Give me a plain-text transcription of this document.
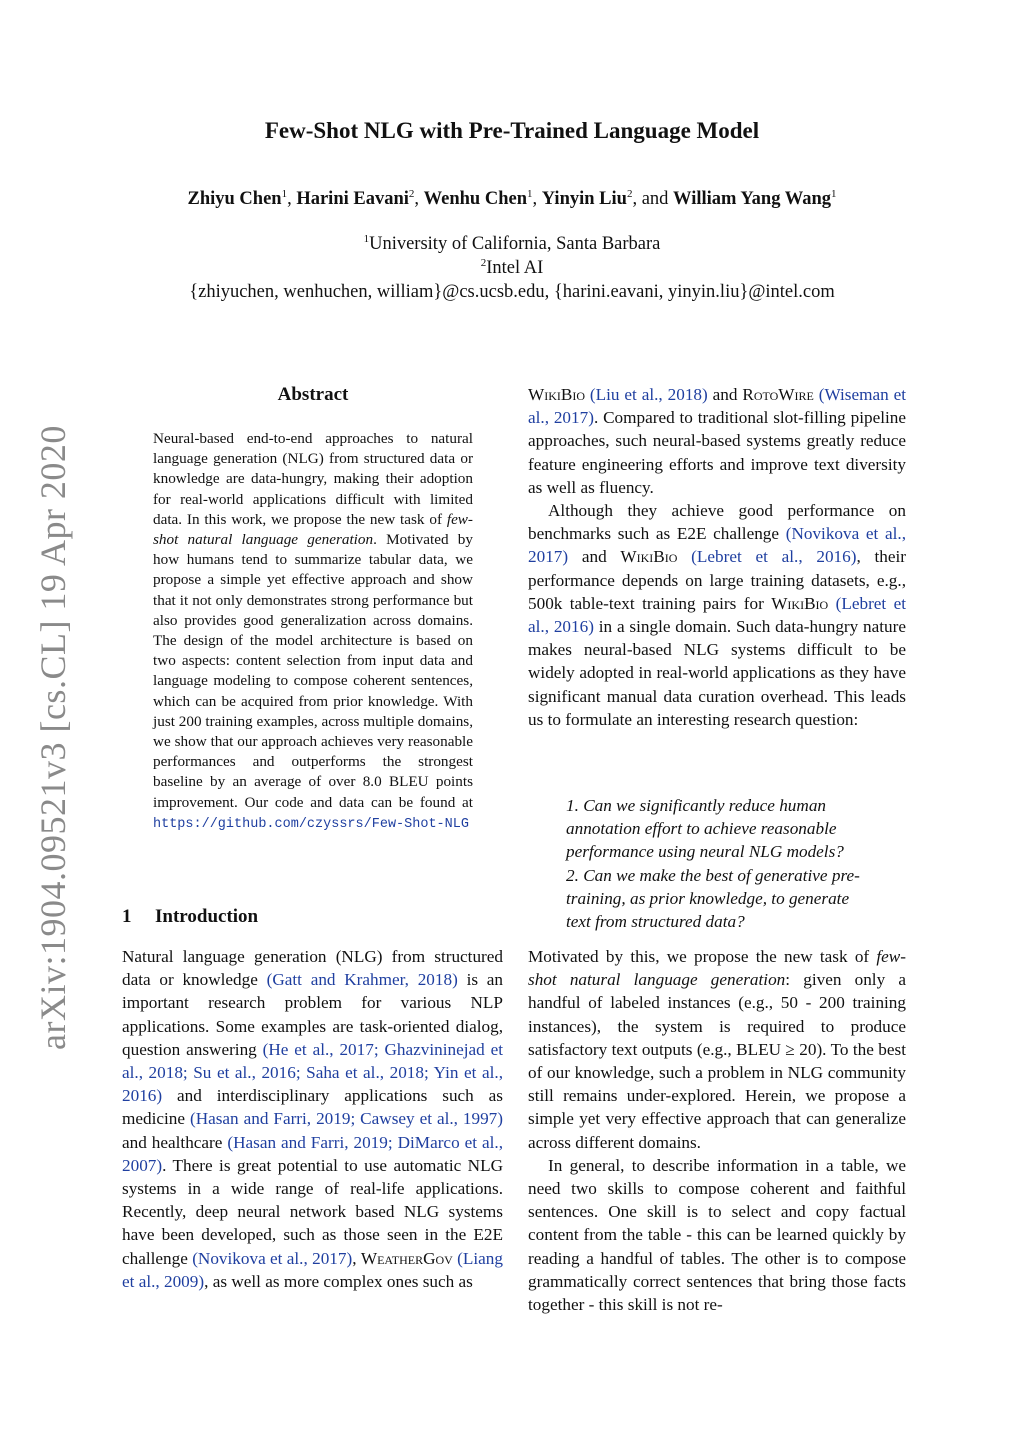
Few-Shot NLG with Pre-Trained Language Model
Zhiyu Chen$^1$, Harini Eavani$^2$, Wenhu Chen$^1$, Yinyin Liu$^2$, and William Yang Wang$^1$
$^1$University of California, Santa Barbara
$^2$Intel AI
{zhiyuchen, wenhuchen, william}@cs.ucsb.edu, {harini.eavani, yinyin.liu}@intel.com
arXiv:1904.09521v3 [cs.CL] 19 Apr 2020
Abstract
Neural-based end-to-end approaches to natural language generation (NLG) from structured data or knowledge are data-hungry, making their adoption for real-world applications difficult with limited data. In this work, we propose the new task of few-shot natural language generation. Motivated by how humans tend to summarize tabular data, we propose a simple yet effective approach and show that it not only demonstrates strong performance but also provides good generalization across domains. The design of the model architecture is based on two aspects: content selection from input data and language modeling to compose coherent sentences, which can be acquired from prior knowledge. With just 200 training examples, across multiple domains, we show that our approach achieves very reasonable performances and outperforms the strongest baseline by an average of over 8.0 BLEU points improvement. Our code and data can be found at https://github.com/czyssrs/Few-Shot-NLG
1 Introduction

Natural language generation (NLG) from structured data or knowledge (Gatt and Krahmer, 2018) is an important research problem for various NLP applications. Some examples are task-oriented dialog, question answering (He et al., 2017; Ghazvininejad et al., 2018; Su et al., 2016; Saha et al., 2018; Yin et al., 2016) and interdisciplinary applications such as medicine (Hasan and Farri, 2019; Cawsey et al., 1997) and healthcare (Hasan and Farri, 2019; DiMarco et al., 2007). There is great potential to use automatic NLG systems in a wide range of real-life applications. Recently, deep neural network based NLG systems have been developed, such as those seen in the E2E challenge (Novikova et al., 2017), WeatherGov (Liang et al., 2009), as well as more complex ones such as

WikiBio (Liu et al., 2018) and RotoWire (Wiseman et al., 2017). Compared to traditional slot-filling pipeline approaches, such neural-based systems greatly reduce feature engineering efforts and improve text diversity as well as fluency.

Although they achieve good performance on benchmarks such as E2E challenge (Novikova et al., 2017) and WikiBio (Lebret et al., 2016), their performance depends on large training datasets, e.g., 500k table-text training pairs for WikiBio (Lebret et al., 2016) in a single domain. Such data-hungry nature makes neural-based NLG systems difficult to be widely adopted in real-world applications as they have significant manual data curation overhead. This leads us to formulate an interesting research question:

1. Can we significantly reduce human annotation effort to achieve reasonable performance using neural NLG models?
2. Can we make the best of generative pre-training, as prior knowledge, to generate text from structured data?

Motivated by this, we propose the new task of few-shot natural language generation: given only a handful of labeled instances (e.g., 50 - 200 training instances), the system is required to produce satisfactory text outputs (e.g., BLEU ≥ 20). To the best of our knowledge, such a problem in NLG community still remains under-explored. Herein, we propose a simple yet very effective approach that can generalize across different domains.

In general, to describe information in a table, we need two skills to compose coherent and faithful sentences. One skill is to select and copy factual content from the table - this can be learned quickly by reading a handful of tables. The other is to compose grammatically correct sentences that bring those facts together - this skill is not re-
